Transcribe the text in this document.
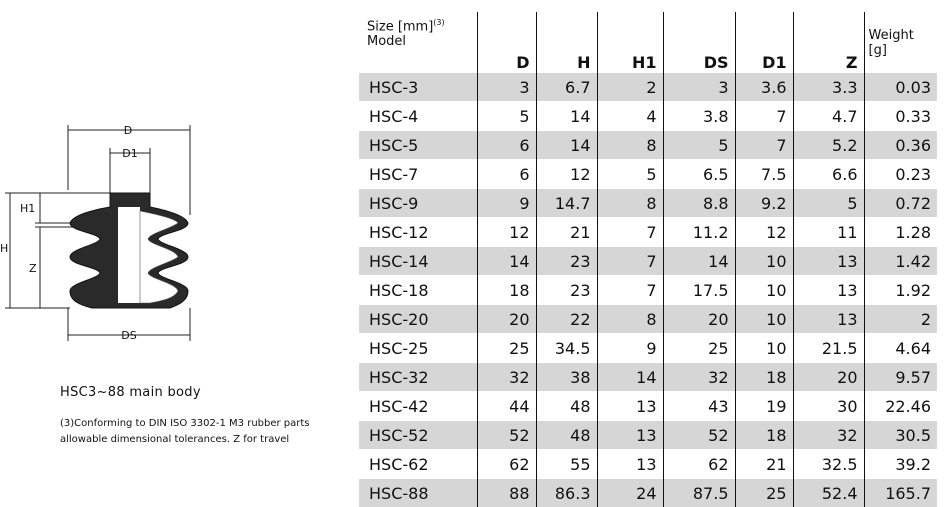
D
D1
H1
H
Z
DS
HSC3~88 main body
(3)Conforming to DIN ISO 3302-1 M3 rubber parts
allowable dimensional tolerances. Z for travel
Size [mm]$^{(3)}$
Model	D	H	H1	DS	D1	Z	Weight [g]
HSC-3	3	6.7	2	3	3.6	3.3	0.03
HSC-4	5	14	4	3.8	7	4.7	0.33
HSC-5	6	14	8	5	7	5.2	0.36
HSC-7	6	12	5	6.5	7.5	6.6	0.23
HSC-9	9	14.7	8	8.8	9.2	5	0.72
HSC-12	12	21	7	11.2	12	11	1.28
HSC-14	14	23	7	14	10	13	1.42
HSC-18	18	23	7	17.5	10	13	1.92
HSC-20	20	22	8	20	10	13	2
HSC-25	25	34.5	9	25	10	21.5	4.64
HSC-32	32	38	14	32	18	20	9.57
HSC-42	44	48	13	43	19	30	22.46
HSC-52	52	48	13	52	18	32	30.5
HSC-62	62	55	13	62	21	32.5	39.2
HSC-88	88	86.3	24	87.5	25	52.4	165.7
